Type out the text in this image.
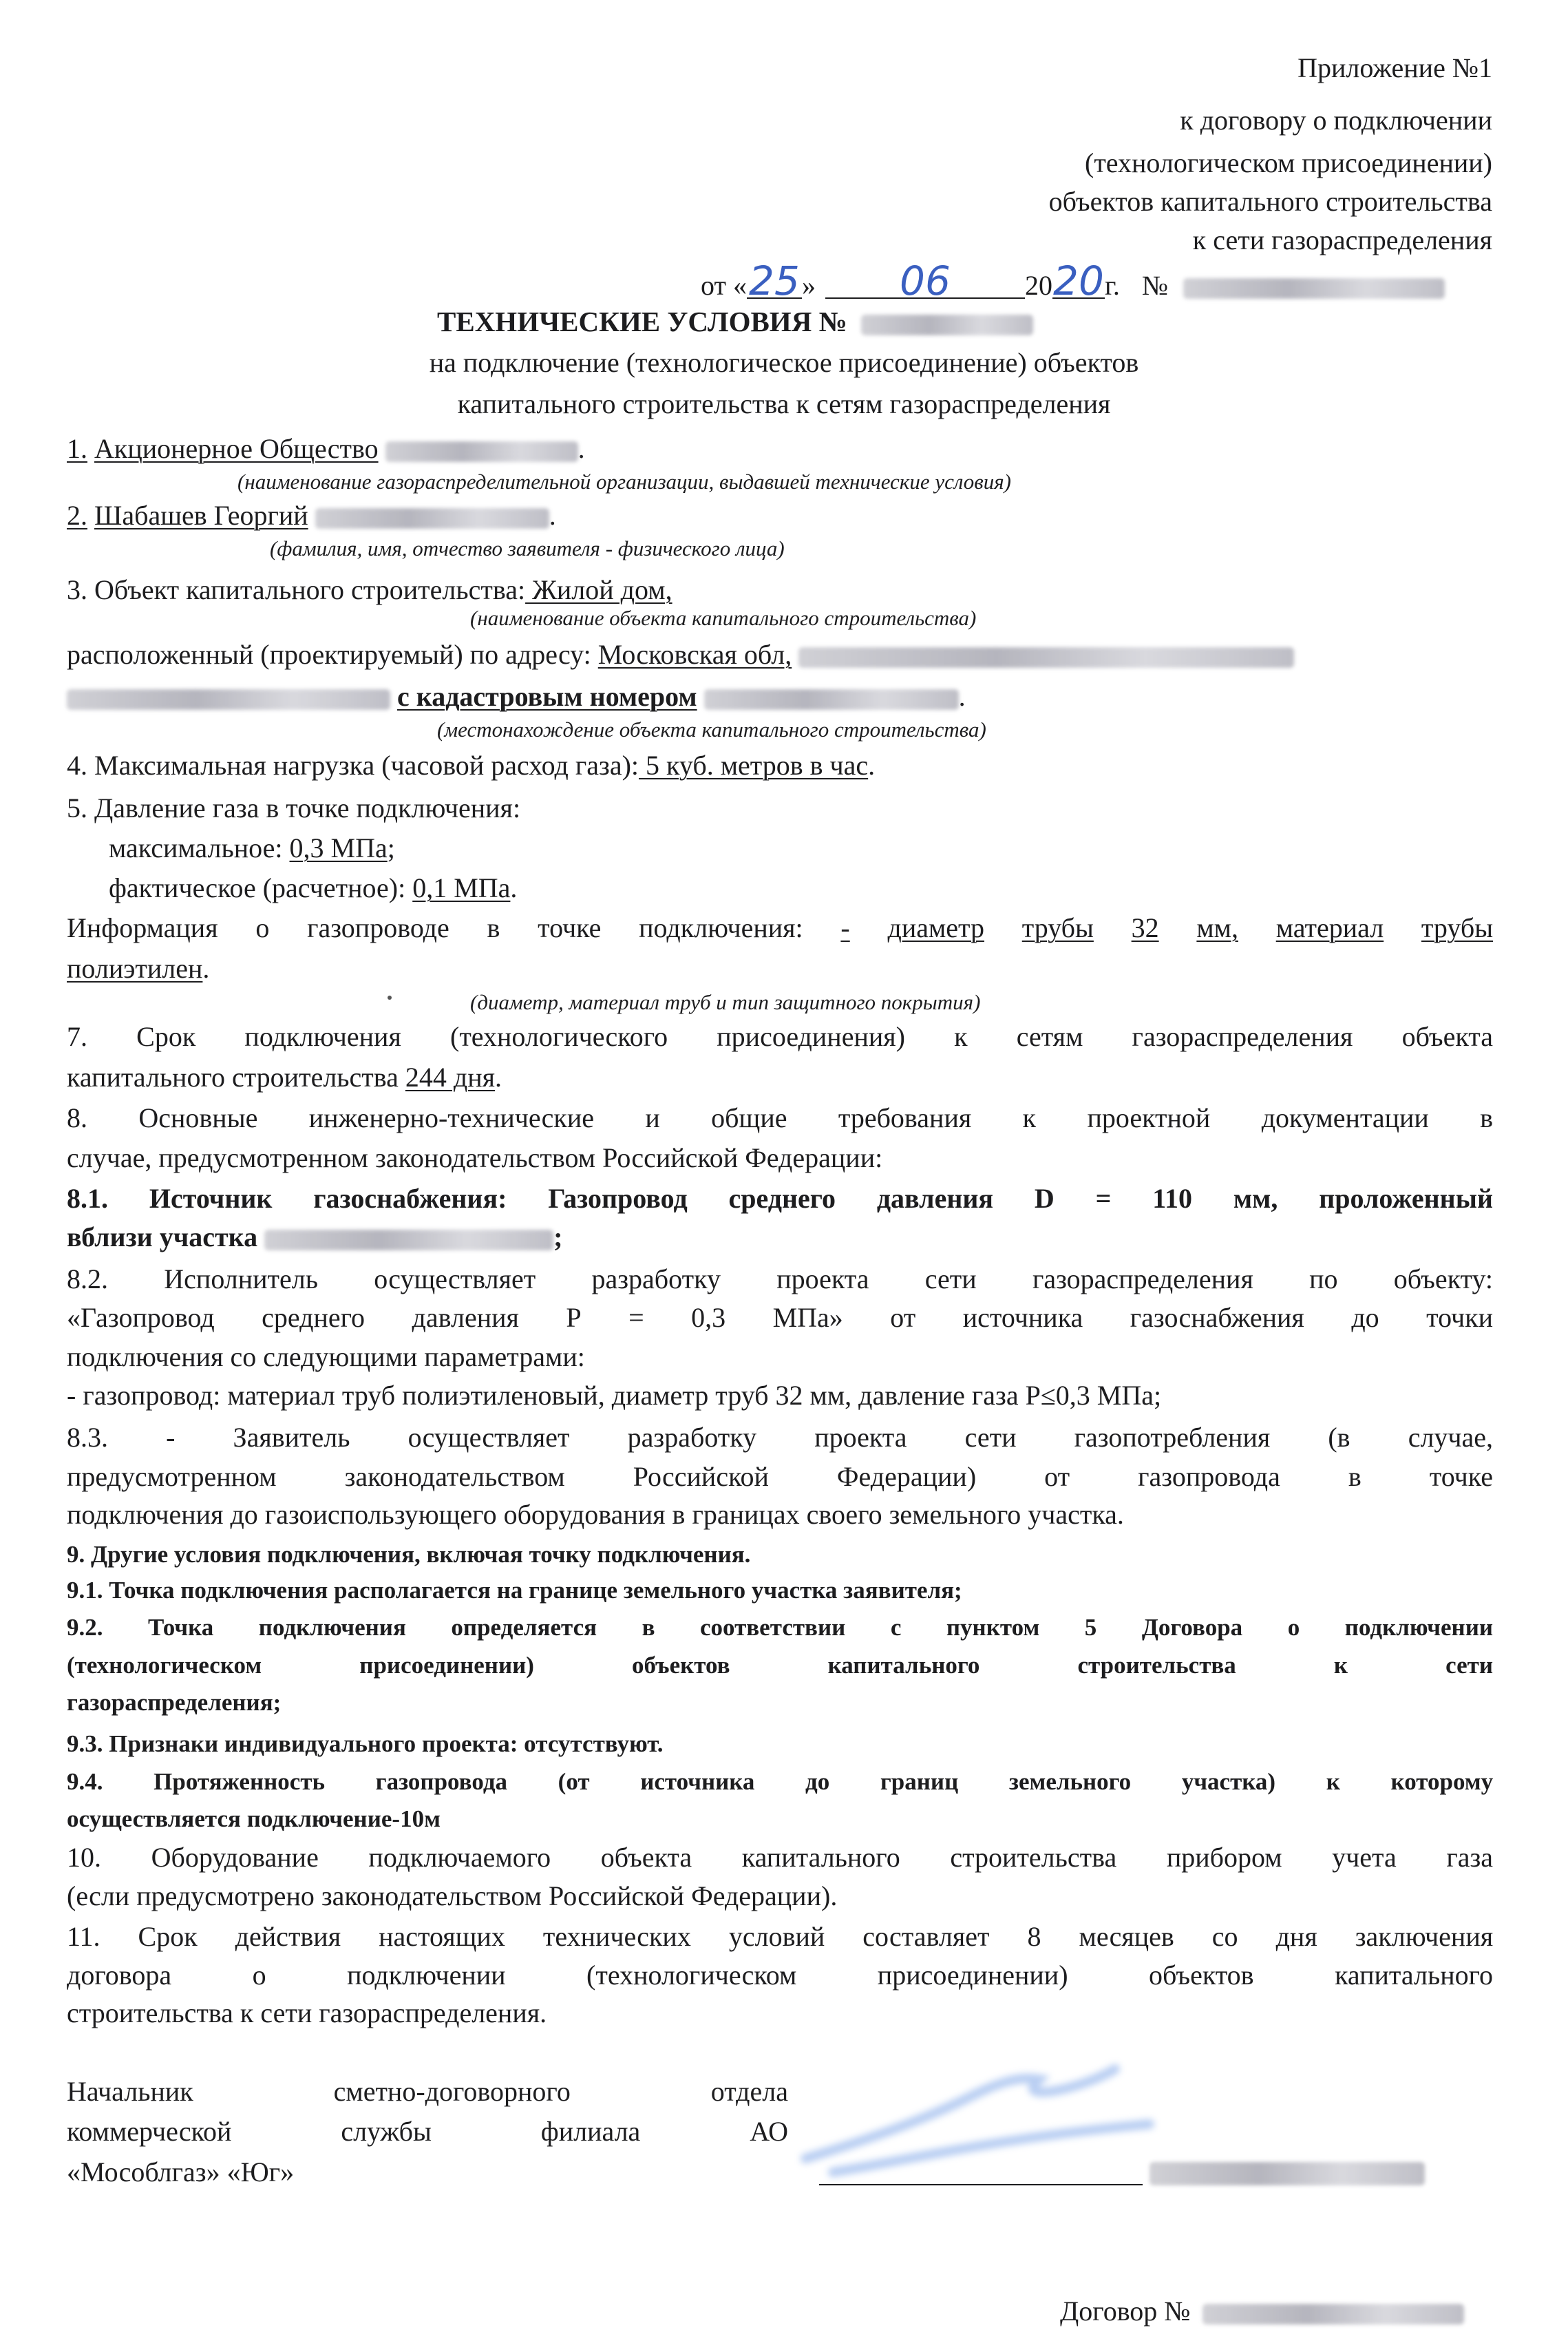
Приложение №1
к договору о подключении
(технологическом присоединении)
объектов капитального строительства
к сети газораспределения
от «25» 06	2020г. №
ТЕХНИЧЕСКИЕ УСЛОВИЯ №
на подключение (технологическое присоединение) объектов
капитального строительства к сетям газораспределения
1. Акционерное Общество	.
(наименование газораспределительной организации, выдавшей технические условия)
2. Шабашев Георгий	.
(фамилия, имя, отчество заявителя - физического лица)
3. Объект капитального строительства: Жилой дом,
(наименование объекта капитального строительства)
расположенный (проектируемый) по адресу: Московская обл,
с кадастровым номером	.
(местонахождение объекта капитального строительства)
4. Максимальная нагрузка (часовой расход газа): 5 куб. метров в час.
5. Давление газа в точке подключения:
максимальное: 0,3 МПа;
фактическое (расчетное): 0,1 МПа.
Информация о газопроводе в точке подключения: - диаметр трубы 32 мм, материал трубы
полиэтилен.
(диаметр, материал труб и тип защитного покрытия)
7. Срок подключения (технологического присоединения) к сетям газораспределения объекта
капитального строительства 244 дня.
8. Основные инженерно-технические и общие требования к проектной документации в
случае, предусмотренном законодательством Российской Федерации:
8.1. Источник газоснабжения: Газопровод среднего давления D = 110 мм, проложенный
вблизи участка	;
8.2. Исполнитель осуществляет разработку проекта сети газораспределения по объекту:
«Газопровод среднего давления Р = 0,3 МПа» от источника газоснабжения до точки
подключения со следующими параметрами:
- газопровод: материал труб полиэтиленовый, диаметр труб 32 мм, давление газа Р≤0,3 МПа;
8.3. - Заявитель осуществляет разработку проекта сети газопотребления (в случае,
предусмотренном законодательством Российской Федерации) от газопровода в точке
подключения до газоиспользующего оборудования в границах своего земельного участка.
9. Другие условия подключения, включая точку подключения.
9.1. Точка подключения располагается на границе земельного участка заявителя;
9.2. Точка подключения определяется в соответствии с пунктом 5 Договора о подключении
(технологическом	присоединении)	объектов	капитального	строительства	к	сети
газораспределения;
9.3. Признаки индивидуального проекта: отсутствуют.
9.4. Протяженность газопровода (от источника до границ земельного участка) к которому
осуществляется подключение-10м
10. Оборудование подключаемого объекта капитального строительства прибором учета газа
(если предусмотрено законодательством Российской Федерации).
11. Срок действия настоящих технических условий составляет 8 месяцев со дня заключения
договора	о	подключении	(технологическом	присоединении)	объектов	капитального
строительства к сети газораспределения.
Начальник	сметно-договорного	отдела
коммерческой	службы	филиала	АО
«Мособлгаз» «Юг»
Договор №
